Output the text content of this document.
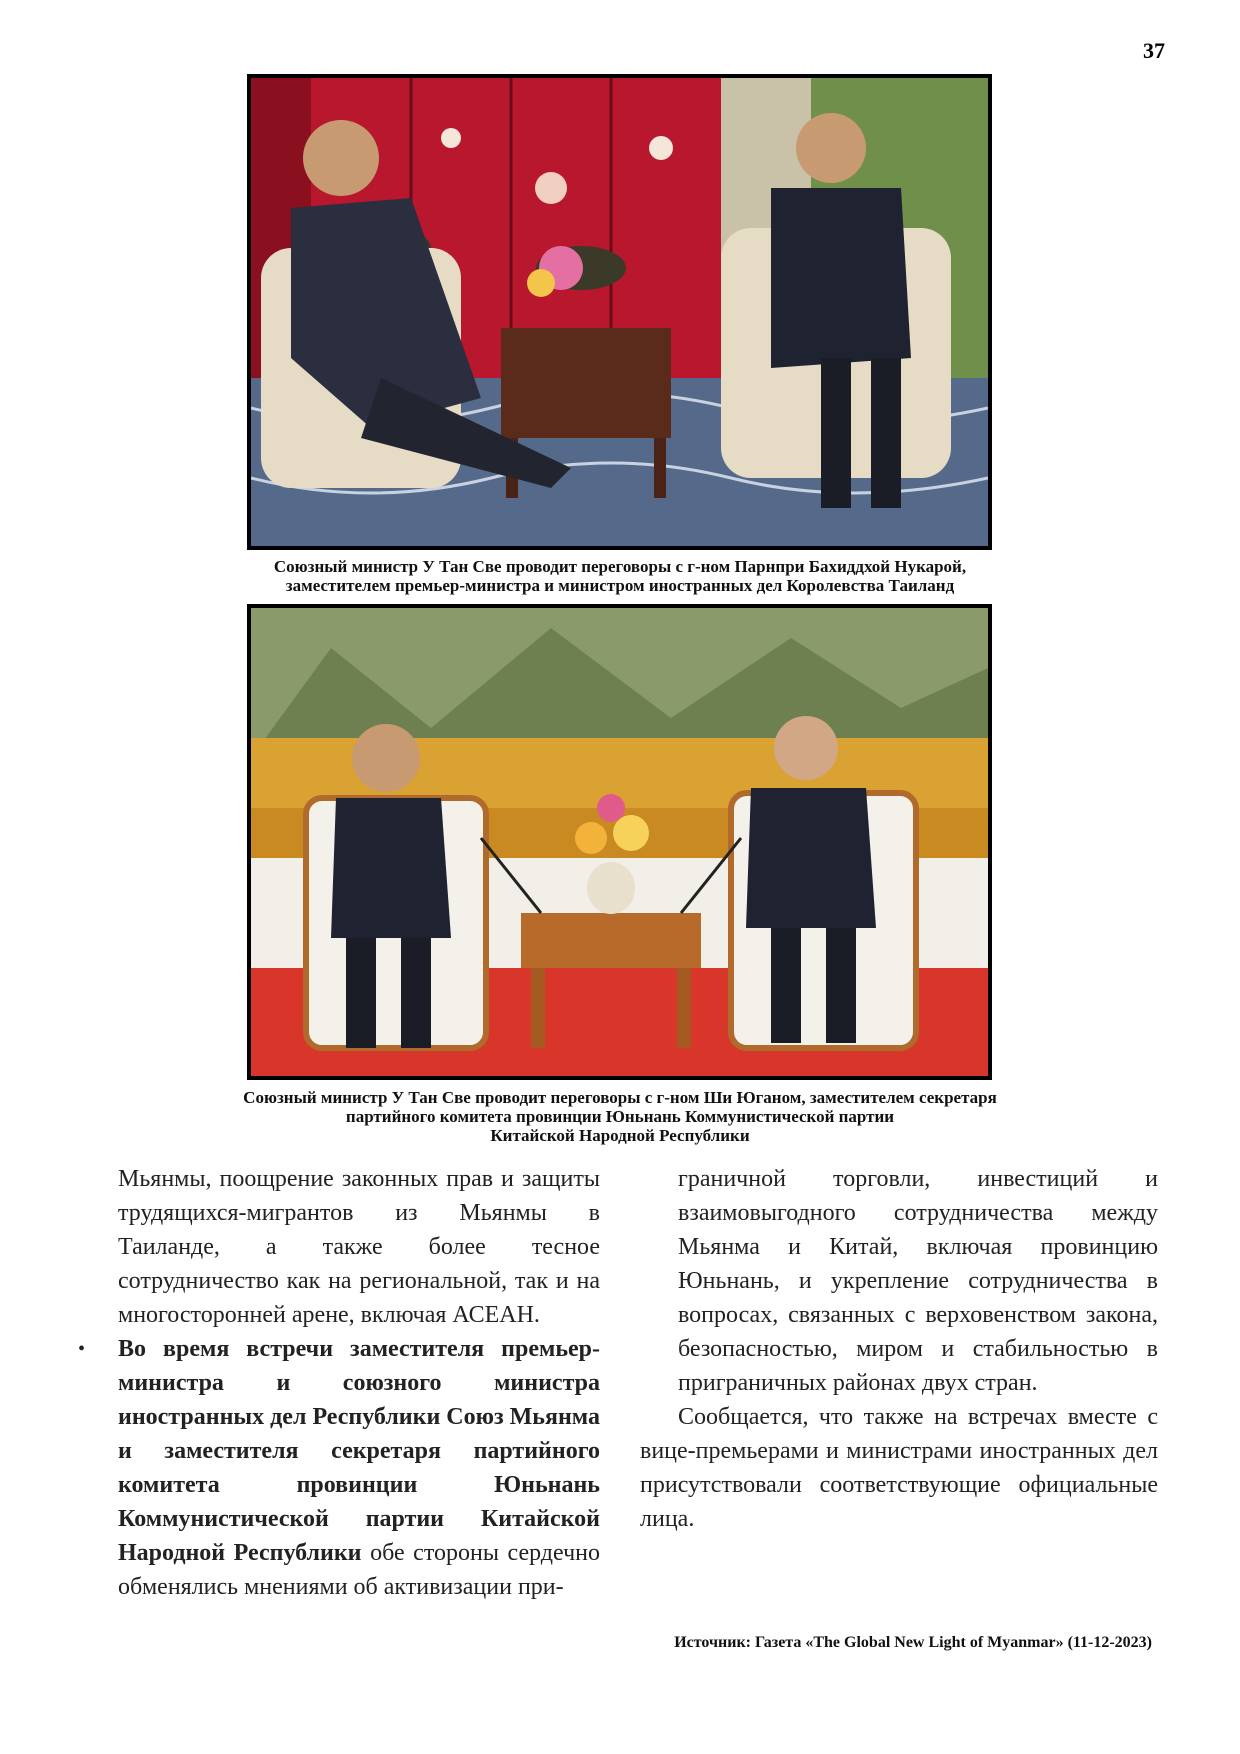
37
Союзный министр У Тан Све проводит переговоры с г-ном Парнпри Бахиддхой Нукарой,
заместителем премьер-министра и министром иностранных дел Королевства Таиланд
Союзный министр У Тан Све проводит переговоры с г-ном Ши Юганом, заместителем секретаря
партийного комитета провинции Юньнань Коммунистической партии
Китайской Народной Республики

Мьянмы, поощрение законных прав и защиты трудящихся-мигрантов из Мьянмы в Таиланде, а также более тесное сотрудничество как на региональной, так и на многосторонней арене, включая АСЕАН.

• Во время встречи заместителя премьер-министра и союзного министра иностранных дел Республики Союз Мьянма и заместителя секретаря партийного комитета провинции Юньнань Коммунистической партии Китайской Народной Республики обе стороны сердечно обменялись мнениями об активизации при-

граничной торговли, инвестиций и взаимовыгодного сотрудничества между Мьянма и Китай, включая провинцию Юньнань, и укрепление сотрудничества в вопросах, связанных с верховенством закона, безопасностью, миром и стабильностью в приграничных районах двух стран.

Сообщается, что также на встречах вместе с вице-премьерами и министрами иностранных дел присутствовали соответствующие официальные лица.

Источник: Газета «The Global New Light of Myanmar» (11-12-2023)
